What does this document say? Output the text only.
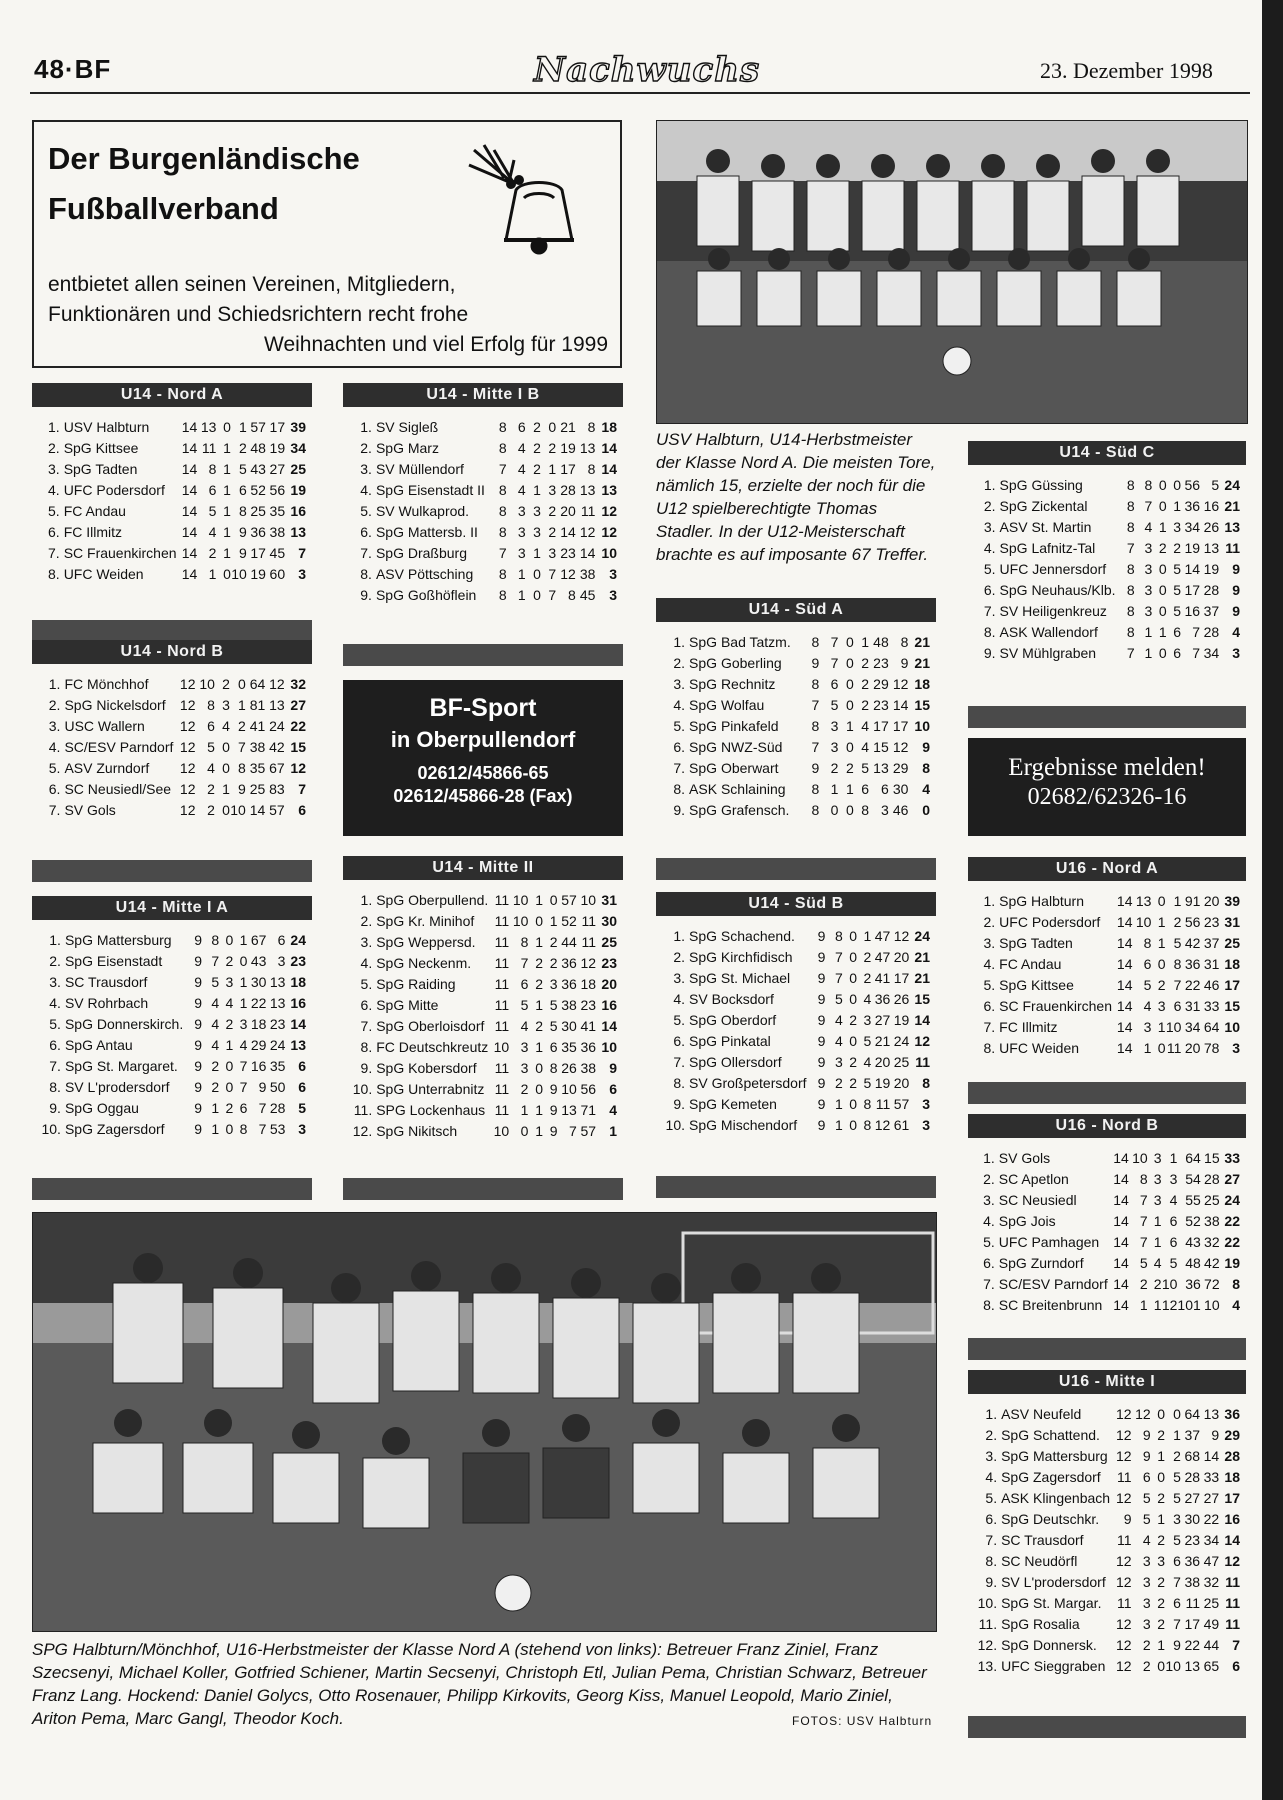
48·BF	Nachwuchs	23. Dezember 1998
Der Burgenländische
Fußballverband
entbietet allen seinen Vereinen, Mitgliedern,
Funktionären und Schiedsrichtern recht frohe
Weihnachten und viel Erfolg für 1999
USV Halbturn, U14-Herbstmeister der Klasse Nord A. Die meisten Tore, nämlich 15, erzielte der noch für die U12 spielberechtigte Thomas Stadler. In der U12-Meisterschaft brachte es auf imposante 67 Treffer.
BF-Sport
in Oberpullendorf
02612/45866-65
02612/45866-28 (Fax)
Ergebnisse melden!
02682/62326-16
SPG Halbturn/Mönchhof, U16-Herbstmeister der Klasse Nord A (stehend von links): Betreuer Franz Ziniel, Franz Szecsenyi, Michael Koller, Gotfried Schiener, Martin Secsenyi, Christoph Etl, Julian Pema, Christian Schwarz, Betreuer Franz Lang. Hockend: Daniel Golycs, Otto Rosenauer, Philipp Kirkovits, Georg Kiss, Manuel Leopold, Mario Ziniel, Ariton Pema, Marc Gangl, Theodor Koch.	FOTOS: USV Halbturn
U14 - Nord A
1.	USV Halbturn	14	13	0	1	57	17	39
2.	SpG Kittsee	14	11	1	2	48	19	34
3.	SpG Tadten	14	8	1	5	43	27	25
4.	UFC Podersdorf	14	6	1	6	52	56	19
5.	FC Andau	14	5	1	8	25	35	16
6.	FC Illmitz	14	4	1	9	36	38	13
7.	SC Frauenkirchen	14	2	1	9	17	45	7
8.	UFC Weiden	14	1	0	10	19	60	3
U14 - Nord B
1.	FC Mönchhof	12	10	2	0	64	12	32
2.	SpG Nickelsdorf	12	8	3	1	81	13	27
3.	USC Wallern	12	6	4	2	41	24	22
4.	SC/ESV Parndorf	12	5	0	7	38	42	15
5.	ASV Zurndorf	12	4	0	8	35	67	12
6.	SC Neusiedl/See	12	2	1	9	25	83	7
7.	SV Gols	12	2	0	10	14	57	6
U14 - Mitte I A
1.	SpG Mattersburg	9	8	0	1	67	6	24
2.	SpG Eisenstadt	9	7	2	0	43	3	23
3.	SC Trausdorf	9	5	3	1	30	13	18
4.	SV Rohrbach	9	4	4	1	22	13	16
5.	SpG Donnerskirch.	9	4	2	3	18	23	14
6.	SpG Antau	9	4	1	4	29	24	13
7.	SpG St. Margaret.	9	2	0	7	16	35	6
8.	SV L'prodersdorf	9	2	0	7	9	50	6
9.	SpG Oggau	9	1	2	6	7	28	5
10.	SpG Zagersdorf	9	1	0	8	7	53	3
U14 - Mitte I B
1.	SV Sigleß	8	6	2	0	21	8	18
2.	SpG Marz	8	4	2	2	19	13	14
3.	SV Müllendorf	7	4	2	1	17	8	14
4.	SpG Eisenstadt II	8	4	1	3	28	13	13
5.	SV Wulkaprod.	8	3	3	2	20	11	12
6.	SpG Mattersb. II	8	3	3	2	14	12	12
7.	SpG Draßburg	7	3	1	3	23	14	10
8.	ASV Pöttsching	8	1	0	7	12	38	3
9.	SpG Goßhöflein	8	1	0	7	8	45	3
U14 - Mitte II
1.	SpG Oberpullend.	11	10	1	0	57	10	31
2.	SpG Kr. Minihof	11	10	0	1	52	11	30
3.	SpG Weppersd.	11	8	1	2	44	11	25
4.	SpG Neckenm.	11	7	2	2	36	12	23
5.	SpG Raiding	11	6	2	3	36	18	20
6.	SpG Mitte	11	5	1	5	38	23	16
7.	SpG Oberloisdorf	11	4	2	5	30	41	14
8.	FC Deutschkreutz	10	3	1	6	35	36	10
9.	SpG Kobersdorf	11	3	0	8	26	38	9
10.	SpG Unterrabnitz	11	2	0	9	10	56	6
11.	SPG Lockenhaus	11	1	1	9	13	71	4
12.	SpG Nikitsch	10	0	1	9	7	57	1
U14 - Süd A
1.	SpG Bad Tatzm.	8	7	0	1	48	8	21
2.	SpG Goberling	9	7	0	2	23	9	21
3.	SpG Rechnitz	8	6	0	2	29	12	18
4.	SpG Wolfau	7	5	0	2	23	14	15
5.	SpG Pinkafeld	8	3	1	4	17	17	10
6.	SpG NWZ-Süd	7	3	0	4	15	12	9
7.	SpG Oberwart	9	2	2	5	13	29	8
8.	ASK Schlaining	8	1	1	6	6	30	4
9.	SpG Grafensch.	8	0	0	8	3	46	0
U14 - Süd B
1.	SpG Schachend.	9	8	0	1	47	12	24
2.	SpG Kirchfidisch	9	7	0	2	47	20	21
3.	SpG St. Michael	9	7	0	2	41	17	21
4.	SV Bocksdorf	9	5	0	4	36	26	15
5.	SpG Oberdorf	9	4	2	3	27	19	14
6.	SpG Pinkatal	9	4	0	5	21	24	12
7.	SpG Ollersdorf	9	3	2	4	20	25	11
8.	SV Großpetersdorf	9	2	2	5	19	20	8
9.	SpG Kemeten	9	1	0	8	11	57	3
10.	SpG Mischendorf	9	1	0	8	12	61	3
U14 - Süd C
1.	SpG Güssing	8	8	0	0	56	5	24
2.	SpG Zickental	8	7	0	1	36	16	21
3.	ASV St. Martin	8	4	1	3	34	26	13
4.	SpG Lafnitz-Tal	7	3	2	2	19	13	11
5.	UFC Jennersdorf	8	3	0	5	14	19	9
6.	SpG Neuhaus/Klb.	8	3	0	5	17	28	9
7.	SV Heiligenkreuz	8	3	0	5	16	37	9
8.	ASK Wallendorf	8	1	1	6	7	28	4
9.	SV Mühlgraben	7	1	0	6	7	34	3
U16 - Nord A
1.	SpG Halbturn	14	13	0	1	91	20	39
2.	UFC Podersdorf	14	10	1	2	56	23	31
3.	SpG Tadten	14	8	1	5	42	37	25
4.	FC Andau	14	6	0	8	36	31	18
5.	SpG Kittsee	14	5	2	7	22	46	17
6.	SC Frauenkirchen	14	4	3	6	31	33	15
7.	FC Illmitz	14	3	1	10	34	64	10
8.	UFC Weiden	14	1	0	11	20	78	3
U16 - Nord B
1.	SV Gols	14	10	3	1	64	15	33
2.	SC Apetlon	14	8	3	3	54	28	27
3.	SC Neusiedl	14	7	3	4	55	25	24
4.	SpG Jois	14	7	1	6	52	38	22
5.	UFC Pamhagen	14	7	1	6	43	32	22
6.	SpG Zurndorf	14	5	4	5	48	42	19
7.	SC/ESV Parndorf	14	2	2	10	36	72	8
8.	SC Breitenbrunn	14	1	1	12	101	10	4
U16 - Mitte I
1.	ASV Neufeld	12	12	0	0	64	13	36
2.	SpG Schattend.	12	9	2	1	37	9	29
3.	SpG Mattersburg	12	9	1	2	68	14	28
4.	SpG Zagersdorf	11	6	0	5	28	33	18
5.	ASK Klingenbach	12	5	2	5	27	27	17
6.	SpG Deutschkr.	9	5	1	3	30	22	16
7.	SC Trausdorf	11	4	2	5	23	34	14
8.	SC Neudörfl	12	3	3	6	36	47	12
9.	SV L'prodersdorf	12	3	2	7	38	32	11
10.	SpG St. Margar.	11	3	2	6	11	25	11
11.	SpG Rosalia	12	3	2	7	17	49	11
12.	SpG Donnersk.	12	2	1	9	22	44	7
13.	UFC Sieggraben	12	2	0	10	13	65	6
